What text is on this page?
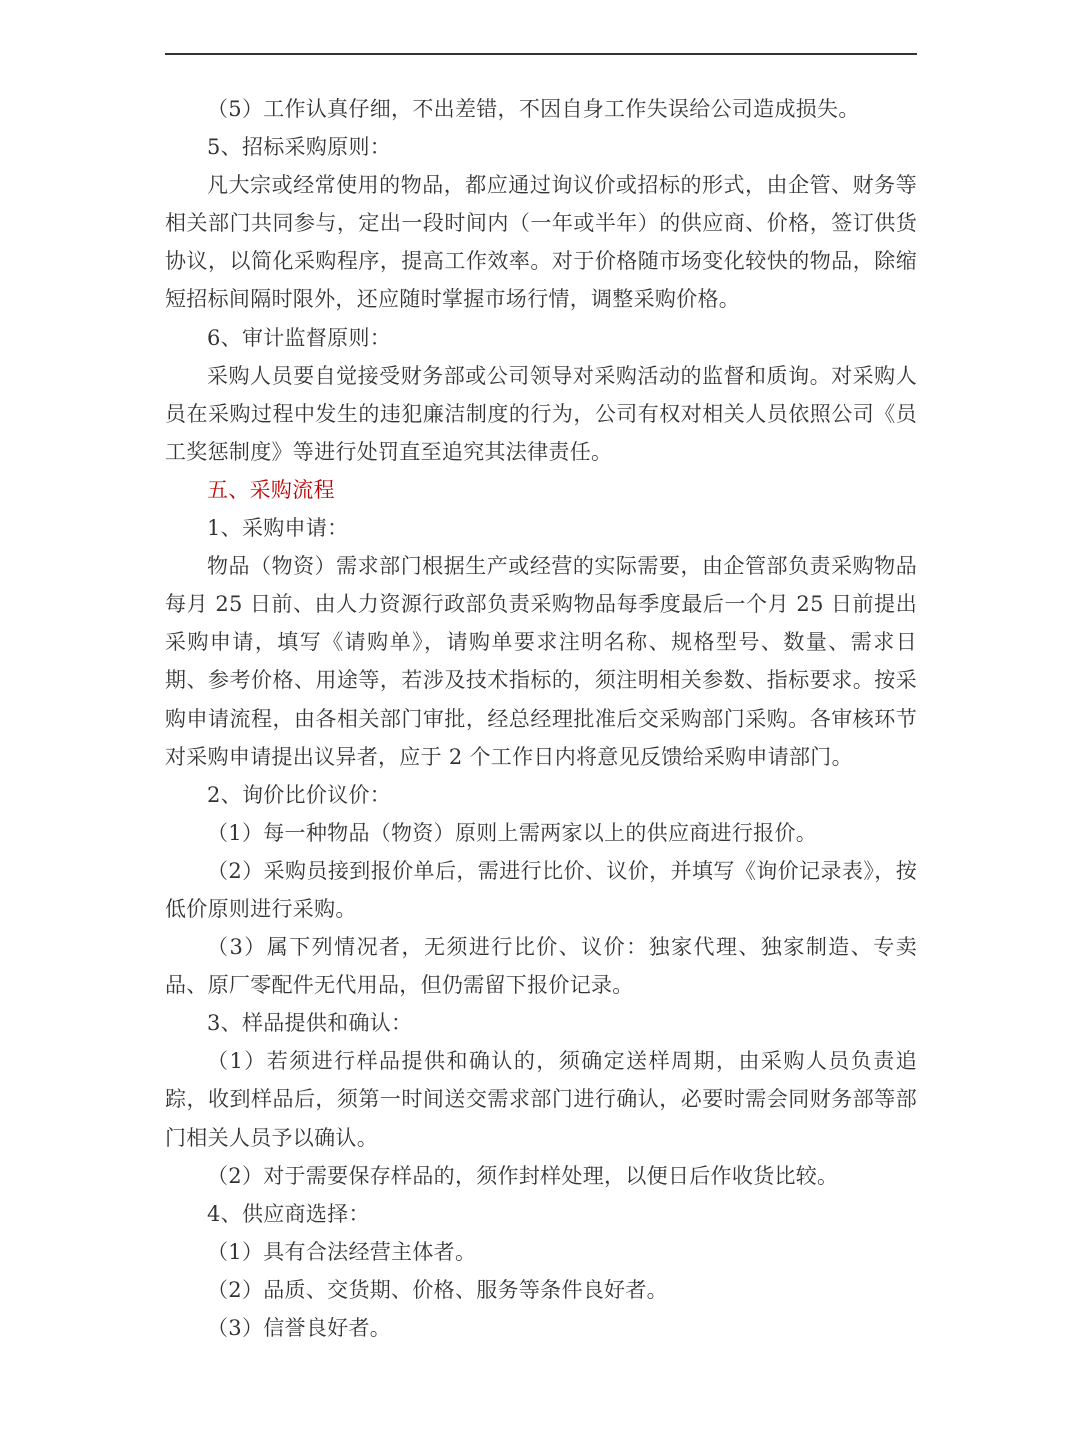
（5）工作认真仔细，不出差错，不因自身工作失误给公司造成损失。

5、招标采购原则：

凡大宗或经常使用的物品，都应通过询议价或招标的形式，由企管、财务等相关部门共同参与，定出一段时间内（一年或半年）的供应商、价格，签订供货协议，以简化采购程序，提高工作效率。对于价格随市场变化较快的物品，除缩短招标间隔时限外，还应随时掌握市场行情，调整采购价格。

6、审计监督原则：

采购人员要自觉接受财务部或公司领导对采购活动的监督和质询。对采购人员在采购过程中发生的违犯廉洁制度的行为，公司有权对相关人员依照公司《员工奖惩制度》等进行处罚直至追究其法律责任。

五、采购流程

1、采购申请：

物品（物资）需求部门根据生产或经营的实际需要，由企管部负责采购物品每月 25 日前、由人力资源行政部负责采购物品每季度最后一个月 25 日前提出采购申请，填写《请购单》，请购单要求注明名称、规格型号、数量、需求日期、参考价格、用途等，若涉及技术指标的，须注明相关参数、指标要求。按采购申请流程，由各相关部门审批，经总经理批准后交采购部门采购。各审核环节对采购申请提出议异者，应于 2 个工作日内将意见反馈给采购申请部门。

2、询价比价议价：

（1）每一种物品（物资）原则上需两家以上的供应商进行报价。

（2）采购员接到报价单后，需进行比价、议价，并填写《询价记录表》，按低价原则进行采购。

（3）属下列情况者，无须进行比价、议价：独家代理、独家制造、专卖品、原厂零配件无代用品，但仍需留下报价记录。

3、样品提供和确认：

（1）若须进行样品提供和确认的，须确定送样周期，由采购人员负责追踪，收到样品后，须第一时间送交需求部门进行确认，必要时需会同财务部等部门相关人员予以确认。

（2）对于需要保存样品的，须作封样处理，以便日后作收货比较。

4、供应商选择：

（1）具有合法经营主体者。

（2）品质、交货期、价格、服务等条件良好者。

（3）信誉良好者。
